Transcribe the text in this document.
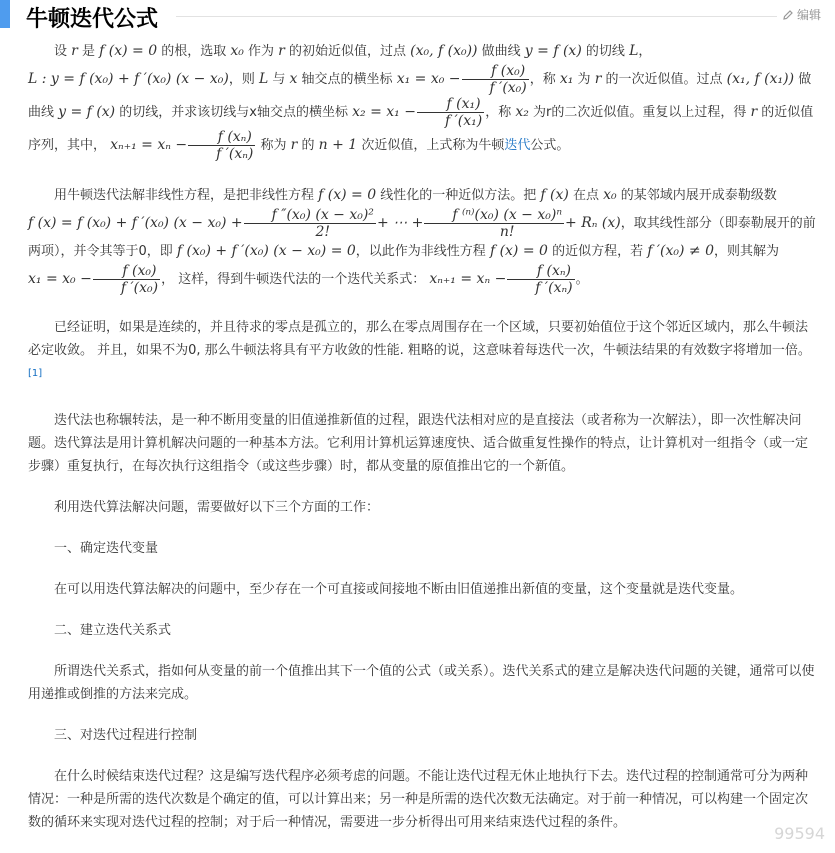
牛顿迭代公式	编辑

设 r 是 f (x) = 0 的根，选取 x₀ 作为 r 的初始近似值，过点 (x₀, f (x₀)) 做曲线 y = f (x) 的切线 L，L : y = f (x₀) + f ′(x₀) (x − x₀)，则 L 与 x 轴交点的横坐标 $x_1 = x_0 - \frac{\text{f (x₀)}}{\text{f ′(x₀)}}$ ，称 x₁ 为 r 的一次近似值。过点 (x₁, f (x₁)) 做曲线 y = f (x) 的切线，并求该切线与x轴交点的横坐标 $x_2 = x_1 - \frac{\text{f (x₁)}}{\text{f ′(x₁)}}$ ，称 x₂ 为r的二次近似值。重复以上过程，得 r 的近似值序列，其中， $x_{n+1} = x_n - \frac{\text{f (xₙ)}}{\text{f ′(xₙ)}}$ 称为 r 的 n + 1 次近似值，上式称为牛顿迭代公式。

用牛顿迭代法解非线性方程，是把非线性方程 f (x) = 0 线性化的一种近似方法。把 f (x) 在点 x₀ 的某邻域内展开成泰勒级数 f (x) = f (x₀) + f ′(x₀) $(x - x_0) + \frac{\text{f ″(x₀) (x − x₀)²}}{2!}$ + ⋯ + $\frac{\text{f ⁽ⁿ⁾(x₀) (x − x₀)ⁿ}}{n!} + R_n$ (x)，取其线性部分（即泰勒展开的前两项），并令其等于0，即 f (x₀) + f ′(x₀) (x − x₀) = 0，以此作为非线性方程 f (x) = 0 的近似方程，若 f ′(x₀) ≠ 0，则其解为 $x_1 = x_0 - \frac{\text{f (x₀)}}{\text{f ′(x₀)}}$ ， 这样，得到牛顿迭代法的一个迭代关系式： $x_{n+1} = x_n - \frac{\text{f (xₙ)}}{\text{f ′(xₙ)}}$ 。

已经证明，如果是连续的，并且待求的零点是孤立的，那么在零点周围存在一个区域，只要初始值位于这个邻近区域内，那么牛顿法必定收敛。 并且，如果不为0, 那么牛顿法将具有平方收敛的性能. 粗略的说，这意味着每迭代一次，牛顿法结果的有效数字将增加一倍。 [1]

迭代法也称辗转法，是一种不断用变量的旧值递推新值的过程，跟迭代法相对应的是直接法（或者称为一次解法），即一次性解决问题。迭代算法是用计算机解决问题的一种基本方法。它利用计算机运算速度快、适合做重复性操作的特点，让计算机对一组指令（或一定步骤）重复执行，在每次执行这组指令（或这些步骤）时，都从变量的原值推出它的一个新值。

利用迭代算法解决问题，需要做好以下三个方面的工作：

一、确定迭代变量

在可以用迭代算法解决的问题中，至少存在一个可直接或间接地不断由旧值递推出新值的变量，这个变量就是迭代变量。

二、建立迭代关系式

所谓迭代关系式，指如何从变量的前一个值推出其下一个值的公式（或关系）。迭代关系式的建立是解决迭代问题的关键，通常可以使用递推或倒推的方法来完成。

三、对迭代过程进行控制

在什么时候结束迭代过程？这是编写迭代程序必须考虑的问题。不能让迭代过程无休止地执行下去。迭代过程的控制通常可分为两种情况：一种是所需的迭代次数是个确定的值，可以计算出来；另一种是所需的迭代次数无法确定。对于前一种情况，可以构建一个固定次数的循环来实现对迭代过程的控制；对于后一种情况，需要进一步分析得出可用来结束迭代过程的条件。

99594
